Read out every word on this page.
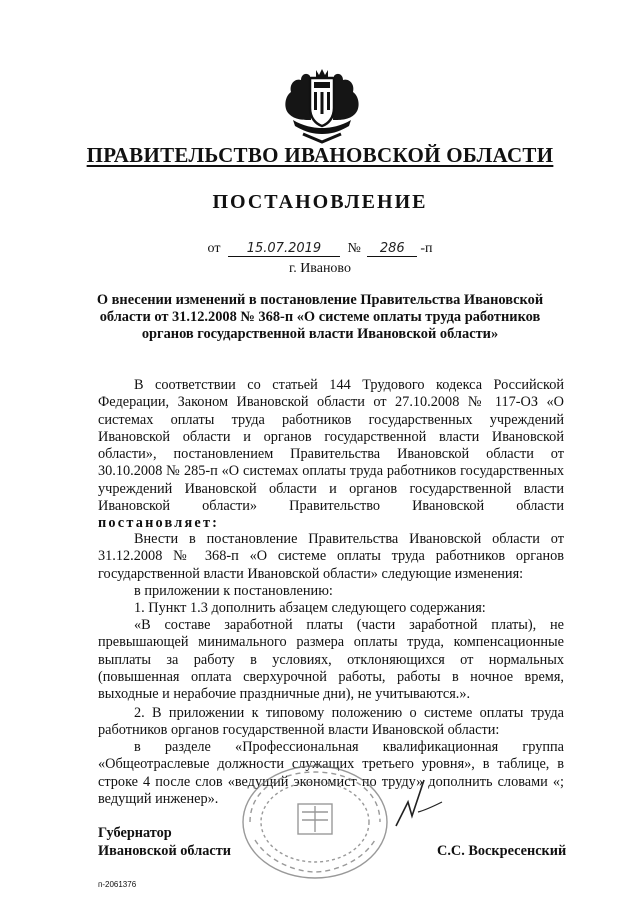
ПРАВИТЕЛЬСТВО ИВАНОВСКОЙ ОБЛАСТИ
ПОСТАНОВЛЕНИЕ
от 15.07.2019 № 286 -п
г. Иваново
О внесении изменений в постановление Правительства Ивановской области от 31.12.2008 № 368-п «О системе оплаты труда работников органов государственной власти Ивановской области»
В соответствии со статьей 144 Трудового кодекса Российской Федерации, Законом Ивановской области от 27.10.2008 № 117-ОЗ «О системах оплаты труда работников государственных учреждений Ивановской области и органов государственной власти Ивановской области», постановлением Правительства Ивановской области от 30.10.2008 № 285-п «О системах оплаты труда работников государственных учреждений Ивановской области и органов государственной власти Ивановской области» Правительство Ивановской области постановляет:
Внести в постановление Правительства Ивановской области от 31.12.2008 № 368-п «О системе оплаты труда работников органов государственной власти Ивановской области» следующие изменения:
в приложении к постановлению:
1. Пункт 1.3 дополнить абзацем следующего содержания:
«В составе заработной платы (части заработной платы), не превышающей минимального размера оплаты труда, компенсационные выплаты за работу в условиях, отклоняющихся от нормальных (повышенная оплата сверхурочной работы, работы в ночное время, выходные и нерабочие праздничные дни), не учитываются.».
2. В приложении к типовому положению о системе оплаты труда работников органов государственной власти Ивановской области:
в разделе «Профессиональная квалификационная группа «Общеотраслевые должности служащих третьего уровня», в таблице, в строке 4 после слов «ведущий экономист по труду» дополнить словами «; ведущий инженер».
Губернатор
Ивановской области	С.С. Воскресенский
п-2061376
